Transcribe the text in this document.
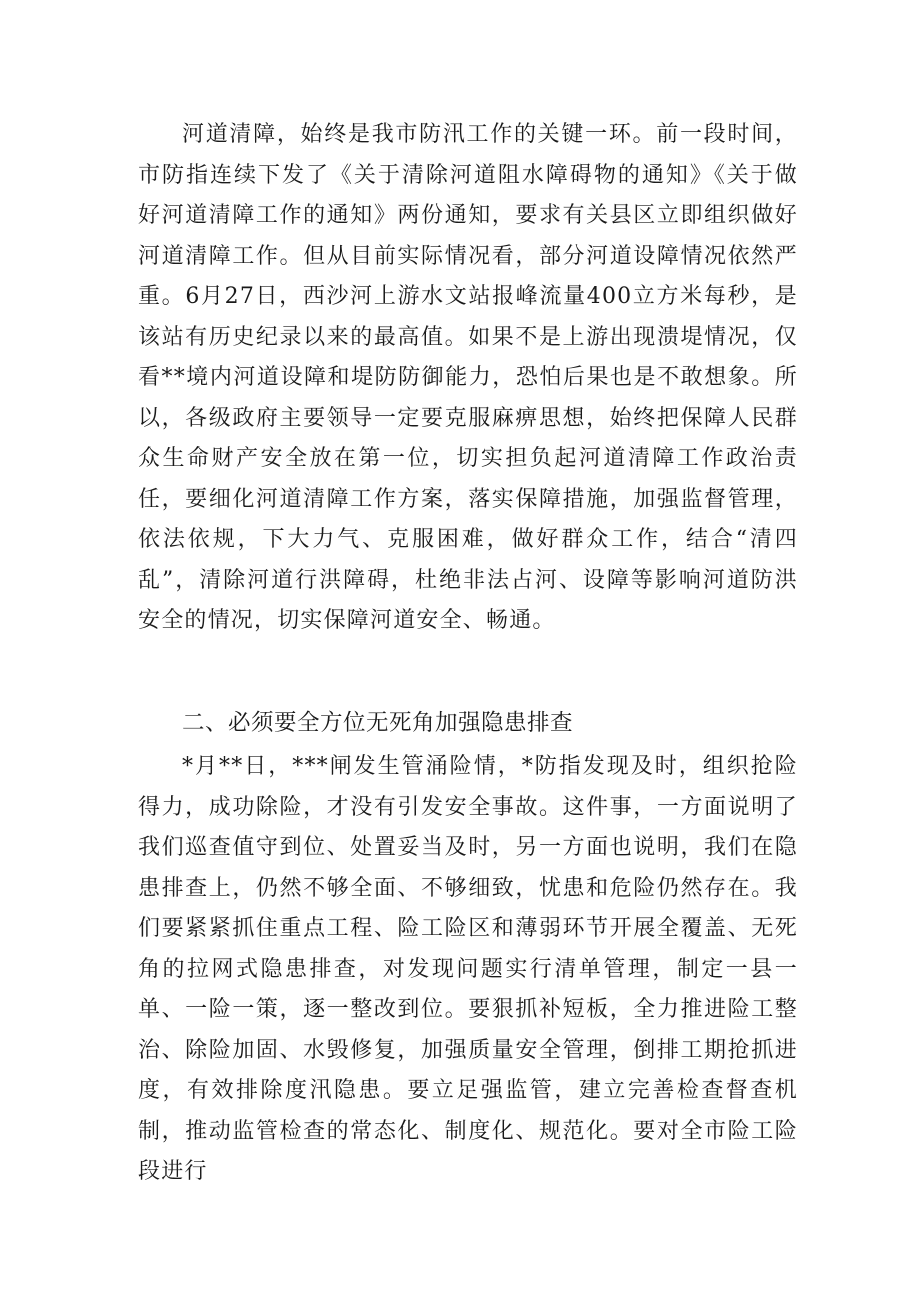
河道清障，始终是我市防汛工作的关键一环。前一段时间，市防指连续下发了《关于清除河道阻水障碍物的通知》《关于做好河道清障工作的通知》两份通知，要求有关县区立即组织做好河道清障工作。但从目前实际情况看，部分河道设障情况依然严重。6月27日，西沙河上游水文站报峰流量400立方米每秒，是该站有历史纪录以来的最高值。如果不是上游出现溃堤情况，仅看**境内河道设障和堤防防御能力，恐怕后果也是不敢想象。所以，各级政府主要领导一定要克服麻痹思想，始终把保障人民群众生命财产安全放在第一位，切实担负起河道清障工作政治责任，要细化河道清障工作方案，落实保障措施，加强监督管理，依法依规，下大力气、克服困难，做好群众工作，结合“清四乱”，清除河道行洪障碍，杜绝非法占河、设障等影响河道防洪安全的情况，切实保障河道安全、畅通。

二、必须要全方位无死角加强隐患排查

*月**日，***闸发生管涌险情，*防指发现及时，组织抢险得力，成功除险，才没有引发安全事故。这件事，一方面说明了我们巡查值守到位、处置妥当及时，另一方面也说明，我们在隐患排查上，仍然不够全面、不够细致，忧患和危险仍然存在。我们要紧紧抓住重点工程、险工险区和薄弱环节开展全覆盖、无死角的拉网式隐患排查，对发现问题实行清单管理，制定一县一单、一险一策，逐一整改到位。要狠抓补短板，全力推进险工整治、除险加固、水毁修复，加强质量安全管理，倒排工期抢抓进度，有效排除度汛隐患。要立足强监管，建立完善检查督查机制，推动监管检查的常态化、制度化、规范化。要对全市险工险段进行
